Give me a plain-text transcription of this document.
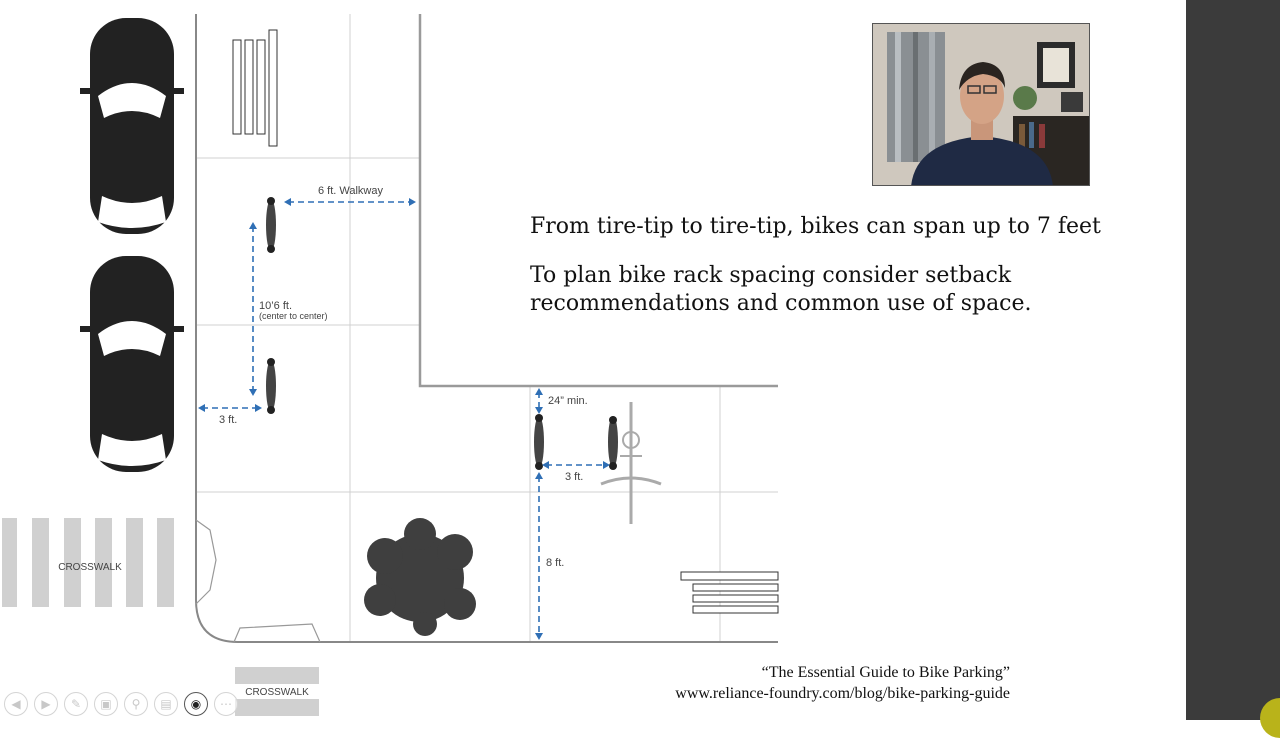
CROSSWALK
CROSSWALK
6 ft. Walkway
10’6 ft.
(center to center)
3 ft.
24” min.
3 ft.
8 ft.

From tire-tip to tire-tip, bikes can span up to 7 feet

To plan bike rack spacing consider setback
recommendations and common use of space.

“The Essential Guide to Bike Parking”
www.reliance-foundry.com/blog/bike-parking-guide
◀	▶	✎	▣	⚲	▤	◉	⋯
